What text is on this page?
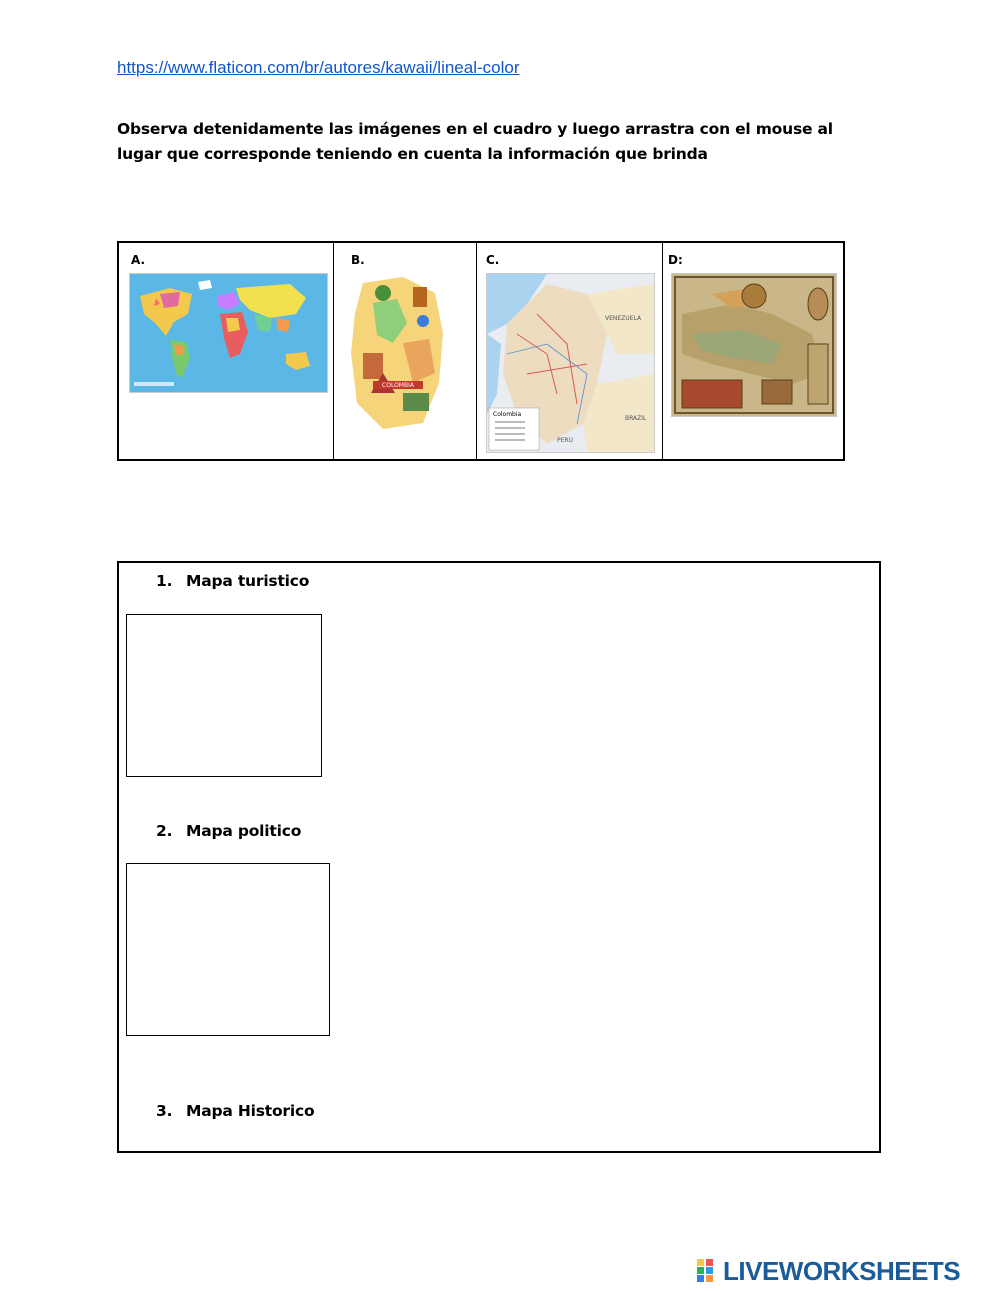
https://www.flaticon.com/br/autores/kawaii/lineal-color
Observa detenidamente las imágenes en el cuadro y luego arrastra con el mouse al lugar que corresponde teniendo en cuenta la información que brinda
A.	B.
COLOMBIA
C.
Colombia
VENEZUELA
BRAZIL
PERU
D:
1. Mapa turistico
2. Mapa politico
3. Mapa Historico
LIVEWORKSHEETS
